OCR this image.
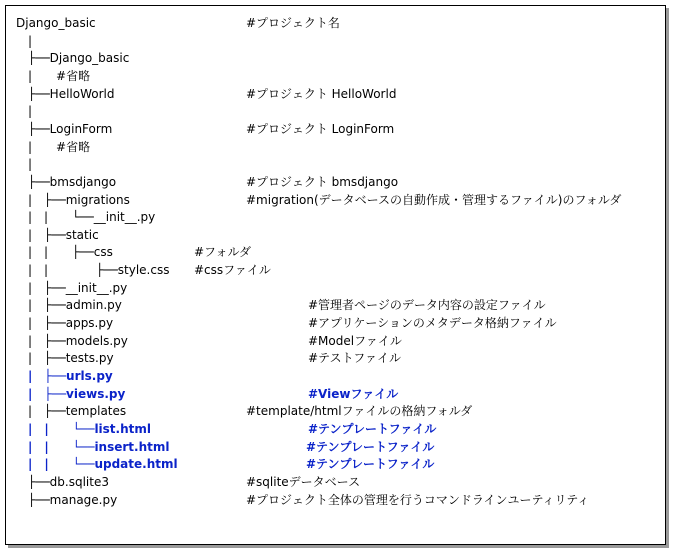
Django_basic	#プロジェクト名
　|
　├──Django_basic
　|　　#省略
　├──HelloWorld	#プロジェクト HelloWorld
　|
　├──LoginForm	#プロジェクト LoginForm
　|　　#省略
　|
　├──bmsdjango	#プロジェクト bmsdjango
　|　├──migrations	#migration(データベースの自動作成・管理するファイル)のフォルダ
　|　|　　└──__init__.py
　|　├──static
　|　|　　├──css	#フォルダ
　|　|　　　　├──style.css #cssファイル
　|　├──__init__.py
　|　├──admin.py	#管理者ページのデータ内容の設定ファイル
　|　├──apps.py	#アプリケーションのメタデータ格納ファイル
　|　├──models.py	#Modelファイル
　|　├──tests.py	#テストファイル
　|　├──urls.py
　|　├──views.py	#Viewファイル
　|　├──templates	#template/htmlファイルの格納フォルダ
　|　|　　└──list.html	#テンプレートファイル
　|　|　　└──insert.html	#テンプレートファイル
　|　|　　└──update.html	#テンプレートファイル
　├──db.sqlite3	#sqliteデータベース
　├──manage.py	#プロジェクト全体の管理を行うコマンドラインユーティリティ
